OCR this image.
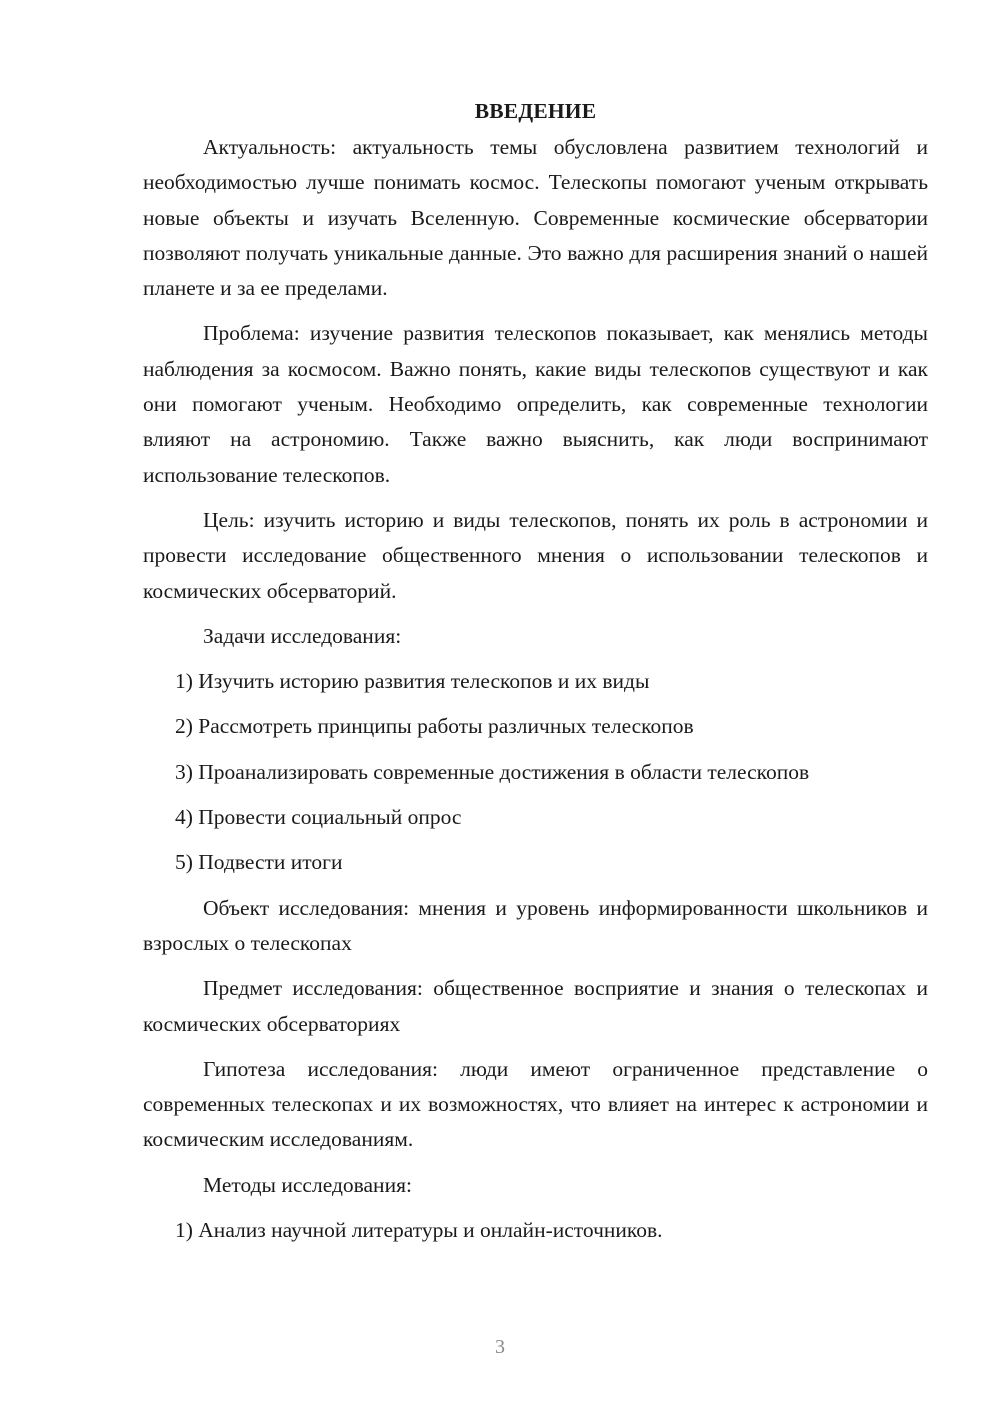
ВВЕДЕНИЕ

Актуальность: актуальность темы обусловлена развитием технологий и необходимостью лучше понимать космос. Телескопы помогают ученым открывать новые объекты и изучать Вселенную. Современные космические обсерватории позволяют получать уникальные данные. Это важно для расширения знаний о нашей планете и за ее пределами.

Проблема: изучение развития телескопов показывает, как менялись методы наблюдения за космосом. Важно понять, какие виды телескопов существуют и как они помогают ученым. Необходимо определить, как современные технологии влияют на астрономию. Также важно выяснить, как люди воспринимают использование телескопов.

Цель: изучить историю и виды телескопов, понять их роль в астрономии и провести исследование общественного мнения о использовании телескопов и космических обсерваторий.

Задачи исследования:

1) Изучить историю развития телескопов и их виды
2) Рассмотреть принципы работы различных телескопов
3) Проанализировать современные достижения в области телескопов
4) Провести социальный опрос
5) Подвести итоги

Объект исследования: мнения и уровень информированности школьников и взрослых о телескопах

Предмет исследования: общественное восприятие и знания о телескопах и космических обсерваториях

Гипотеза исследования: люди имеют ограниченное представление о современных телескопах и их возможностях, что влияет на интерес к астрономии и космическим исследованиям.

Методы исследования:

1) Анализ научной литературы и онлайн-источников.
3
